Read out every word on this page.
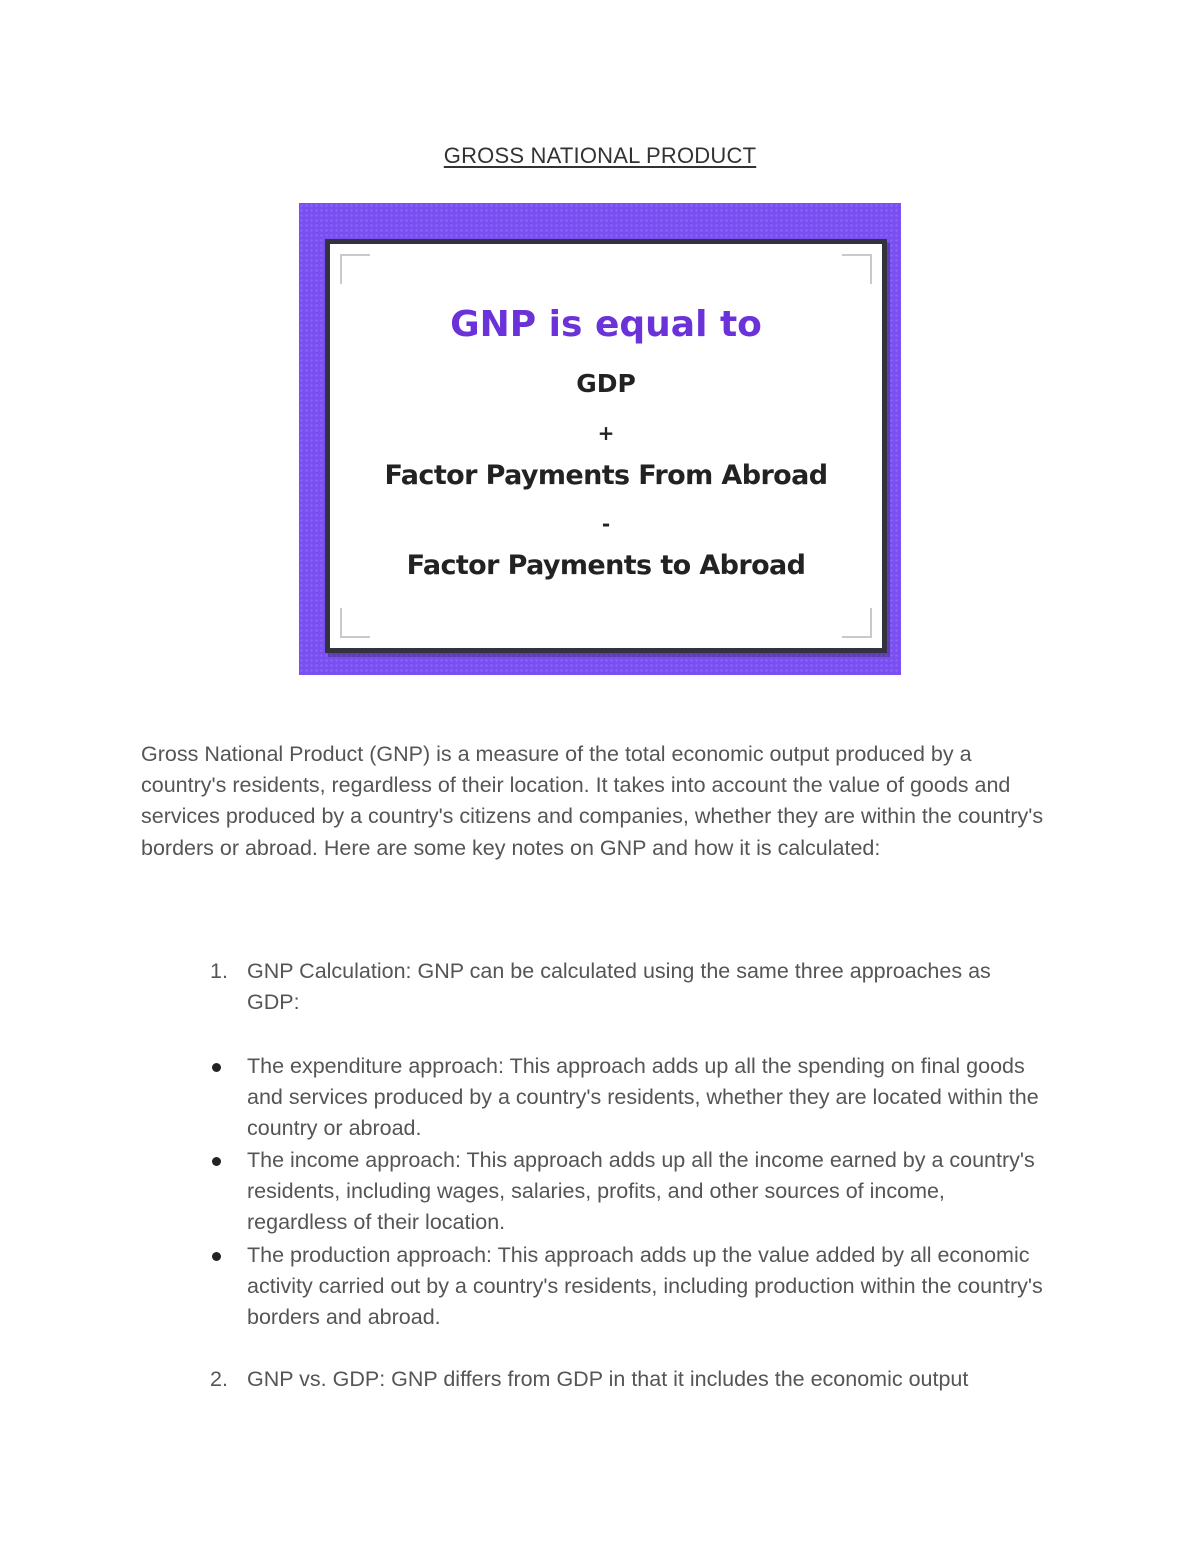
GROSS NATIONAL PRODUCT
GNP is equal to
GDP
+
Factor Payments From Abroad
-
Factor Payments to Abroad

Gross National Product (GNP) is a measure of the total economic output produced by a country's residents, regardless of their location. It takes into account the value of goods and services produced by a country's citizens and companies, whether they are within the country's borders or abroad. Here are some key notes on GNP and how it is calculated:

1. GNP Calculation: GNP can be calculated using the same three approaches as GDP:

The expenditure approach: This approach adds up all the spending on final goods and services produced by a country's residents, whether they are located within the country or abroad.

The income approach: This approach adds up all the income earned by a country's residents, including wages, salaries, profits, and other sources of income, regardless of their location.

The production approach: This approach adds up the value added by all economic activity carried out by a country's residents, including production within the country's borders and abroad.

2. GNP vs. GDP: GNP differs from GDP in that it includes the economic output
